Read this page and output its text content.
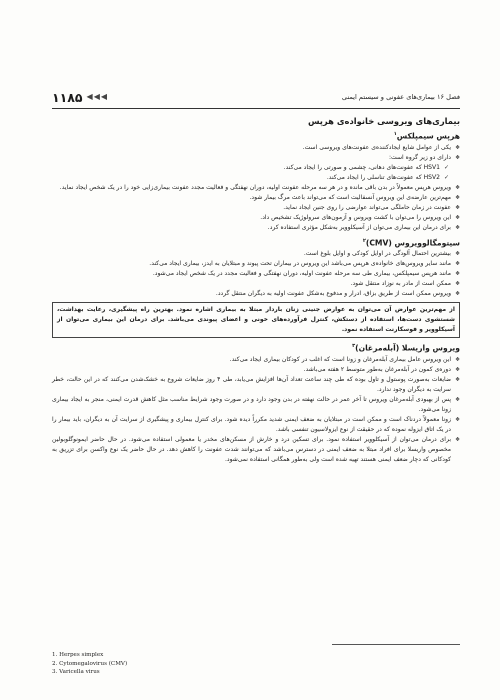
۱۱۸۵ ◀ ◀ ◀	فصل ۱۶ بیماری‌های عفونی و سیستم ایمنی
بیماری‌های ویروسی خانواده‌ی هرپس
هرپس سیمپلکس$^۱$
❖ یکی از عوامل شایع ایجادکننده‌ی عفونت‌های ویروسی است.
❖ دارای دو زیر گروه است:
✓ HSV1 که عفونت‌های دهانی، چشمی و صورتی را ایجاد می‌کند.
✓ HSV2 که عفونت‌های تناسلی را ایجاد می‌کند.
❖ ویروس هرپس معمولاً در بدن باقی مانده و در هر سه مرحله عفونت اولیه، دوران نهفتگی و فعالیت مجدد عفونت بیماری‌زایی خود را در یک شخص ایجاد نماید.
❖ مهم‌ترین عارضه‌ی این ویروس آنسفالیت است که می‌تواند باعث مرگ بیمار شود.
❖ عفونت در زمان حاملگی می‌تواند عوارضی را روی جنین ایجاد نماید.
❖ این ویروس را می‌توان با کشت ویروس و آزمون‌های سرولوژیک تشخیص داد.
❖ برای درمان این بیماری می‌توان از آسیکلوویر به‌شکل مؤثری استفاده کرد.
سیتومگالوویروس (CMV)$^۲$
❖ بیشترین احتمال آلودگی در اوایل کودکی و اوایل بلوغ است.
❖ مانند سایر ویروس‌های خانواده‌ی هرپس می‌باشد این ویروس در بیماران تحت پیوند و مبتلایان به ایدز، بیماری ایجاد می‌کند.
❖ مانند هرپس سیمپلکس، بیماری طی سه مرحله عفونت اولیه، دوران نهفتگی و فعالیت مجدد در یک شخص ایجاد می‌شود.
❖ ممکن است از مادر به نوزاد منتقل شود.
❖ ویروس ممکن است از طریق بزاق، ادرار و مدفوع به‌شکل عفونت اولیه به دیگران منتقل گردد.
از مهم‌ترین عوارض آن می‌توان به عوارض جنینی زنان باردار مبتلا به بیماری اشاره نمود. بهترین راه پیشگیری، رعایت بهداشت، شستشوی دست‌ها، استفاده از دستکش، کنترل فرآورده‌های خونی و اعضای پیوندی می‌باشد. برای درمان این بیماری می‌توان از آسیکلوویر و فوسکارنت استفاده نمود.
ویروس واریسلا (آبله‌مرغان)$^۳$
❖ این ویروس عامل بیماری آبله‌مرغان و زونا است که اغلب در کودکان بیماری ایجاد می‌کند.
❖ دوره‌ی کمون در آبله‌مرغان به‌طور متوسط ۲ هفته می‌باشد.
❖ ضایعات به‌صورت پوستول و تاول بوده که طی چند ساعت تعداد آن‌ها افزایش می‌یابد، طی ۴ روز ضایعات شروع به خشک‌شدن می‌کنند که در این حالت، خطر سرایت به دیگران وجود ندارد.
❖ پس از بهبودی آبله‌مرغان ویروس تا آخر عمر در حالت نهفته در بدن وجود دارد و در صورت وجود شرایط مناسب مثل کاهش قدرت ایمنی، منجر به ایجاد بیماری زونا می‌شود.
❖ زونا معمولاً دردناک است و ممکن است در مبتلایان به ضعف ایمنی شدید مکرراً دیده شود. برای کنترل بیماری و پیشگیری از سرایت آن به دیگران، باید بیمار را در یک اتاق ایزوله نموده که در حقیقت از نوع ایزولاسیون تنفسی باشد.
❖ برای درمان می‌توان از آسیکلوویر استفاده نمود. برای تسکین درد و خارش از مسکن‌های مخدر یا معمولی استفاده می‌شود. در حال حاضر ایمونوگلوبولین مخصوص واریسلا برای افراد مبتلا به ضعف ایمنی در دسترس می‌باشد که می‌توانند شدت عفونت را کاهش دهد. در حال حاضر یک نوع واکسن برای تزریق به کودکانی که دچار ضعف ایمنی هستند تهیه شده است ولی به‌طور همگانی استفاده نمی‌شود.
1. Herpes simplex
2. Cytomegalovirus (CMV)
3. Varicella virus
